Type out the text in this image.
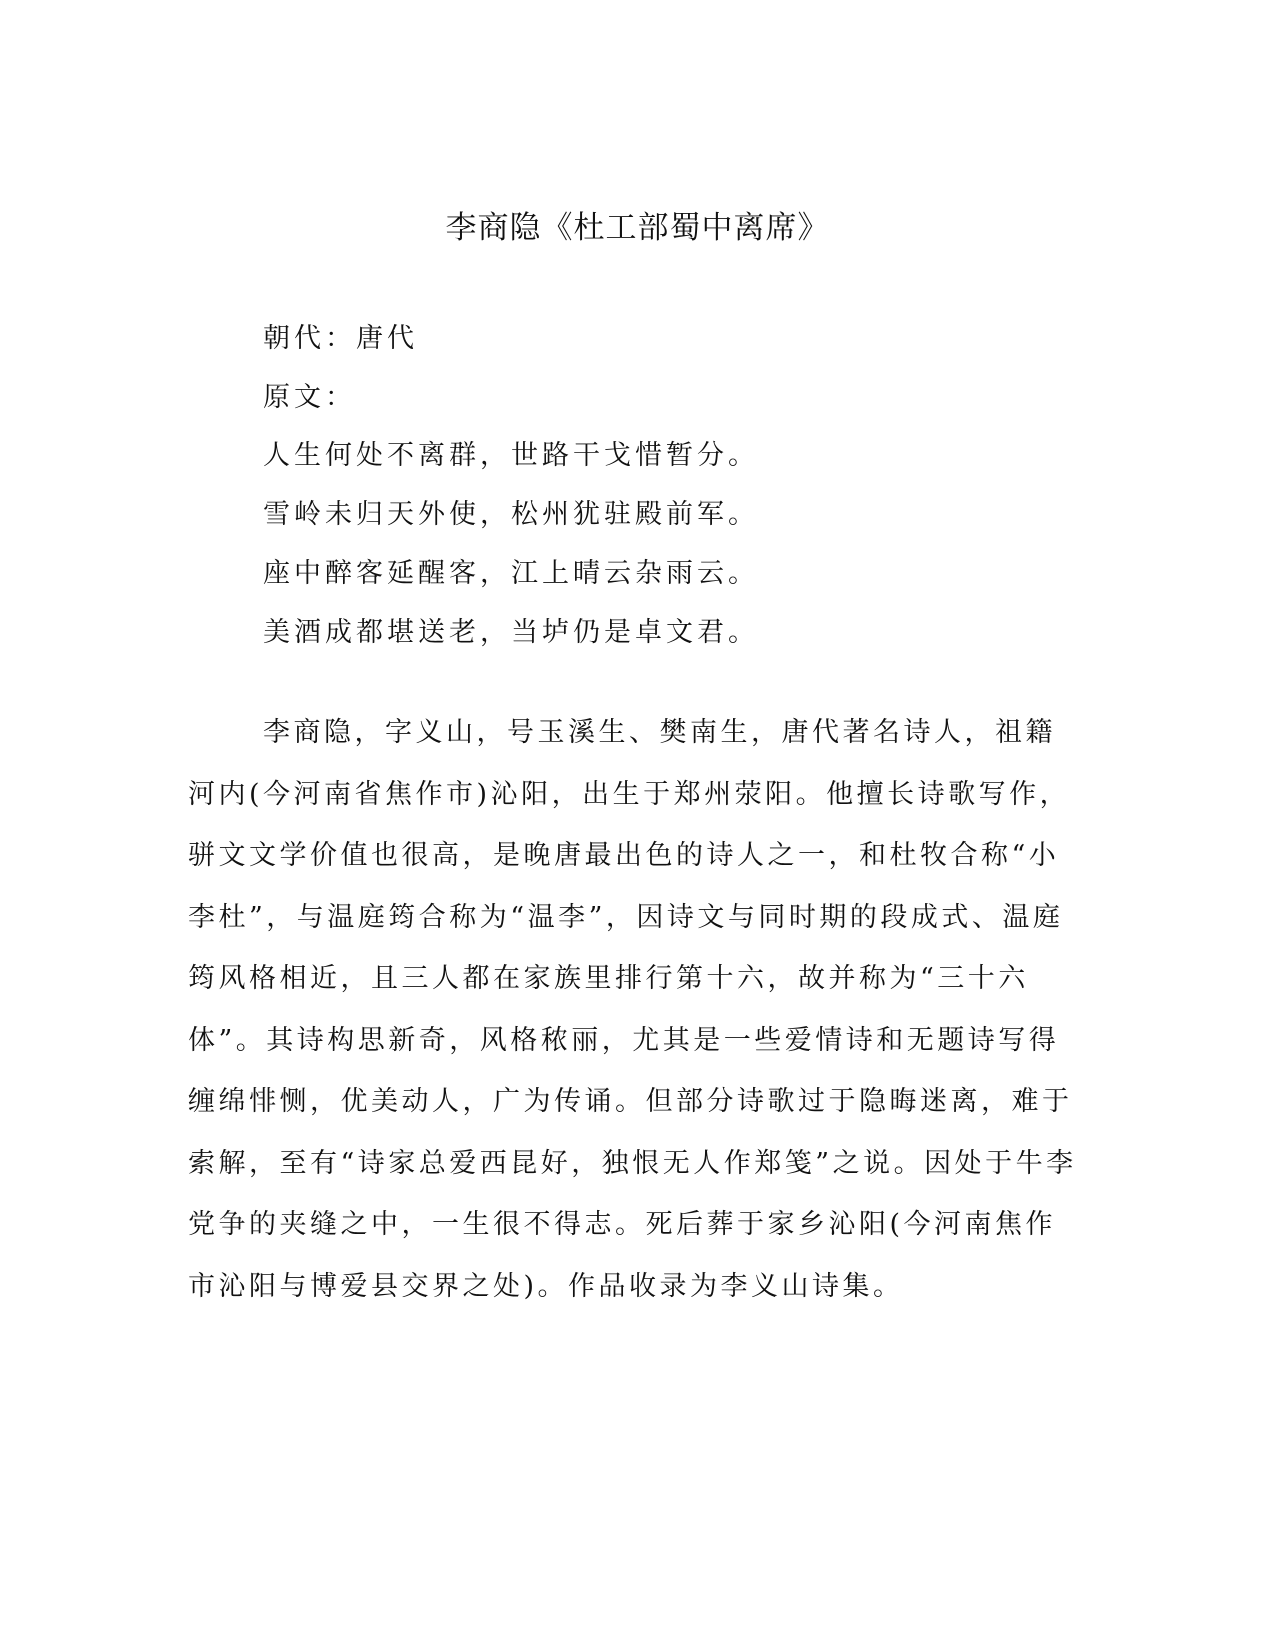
李商隐《杜工部蜀中离席》
朝代：唐代
原文：
人生何处不离群，世路干戈惜暂分。
雪岭未归天外使，松州犹驻殿前军。
座中醉客延醒客，江上晴云杂雨云。
美酒成都堪送老，当垆仍是卓文君。

李商隐，字义山，号玉溪生、樊南生，唐代著名诗人，祖籍河内(今河南省焦作市)沁阳，出生于郑州荥阳。他擅长诗歌写作，骈文文学价值也很高，是晚唐最出色的诗人之一，和杜牧合称“小李杜”，与温庭筠合称为“温李”，因诗文与同时期的段成式、温庭筠风格相近，且三人都在家族里排行第十六，故并称为“三十六体”。其诗构思新奇，风格秾丽，尤其是一些爱情诗和无题诗写得缠绵悱恻，优美动人，广为传诵。但部分诗歌过于隐晦迷离，难于索解，至有“诗家总爱西昆好，独恨无人作郑笺”之说。因处于牛李党争的夹缝之中，一生很不得志。死后葬于家乡沁阳(今河南焦作市沁阳与博爱县交界之处)。作品收录为李义山诗集。
